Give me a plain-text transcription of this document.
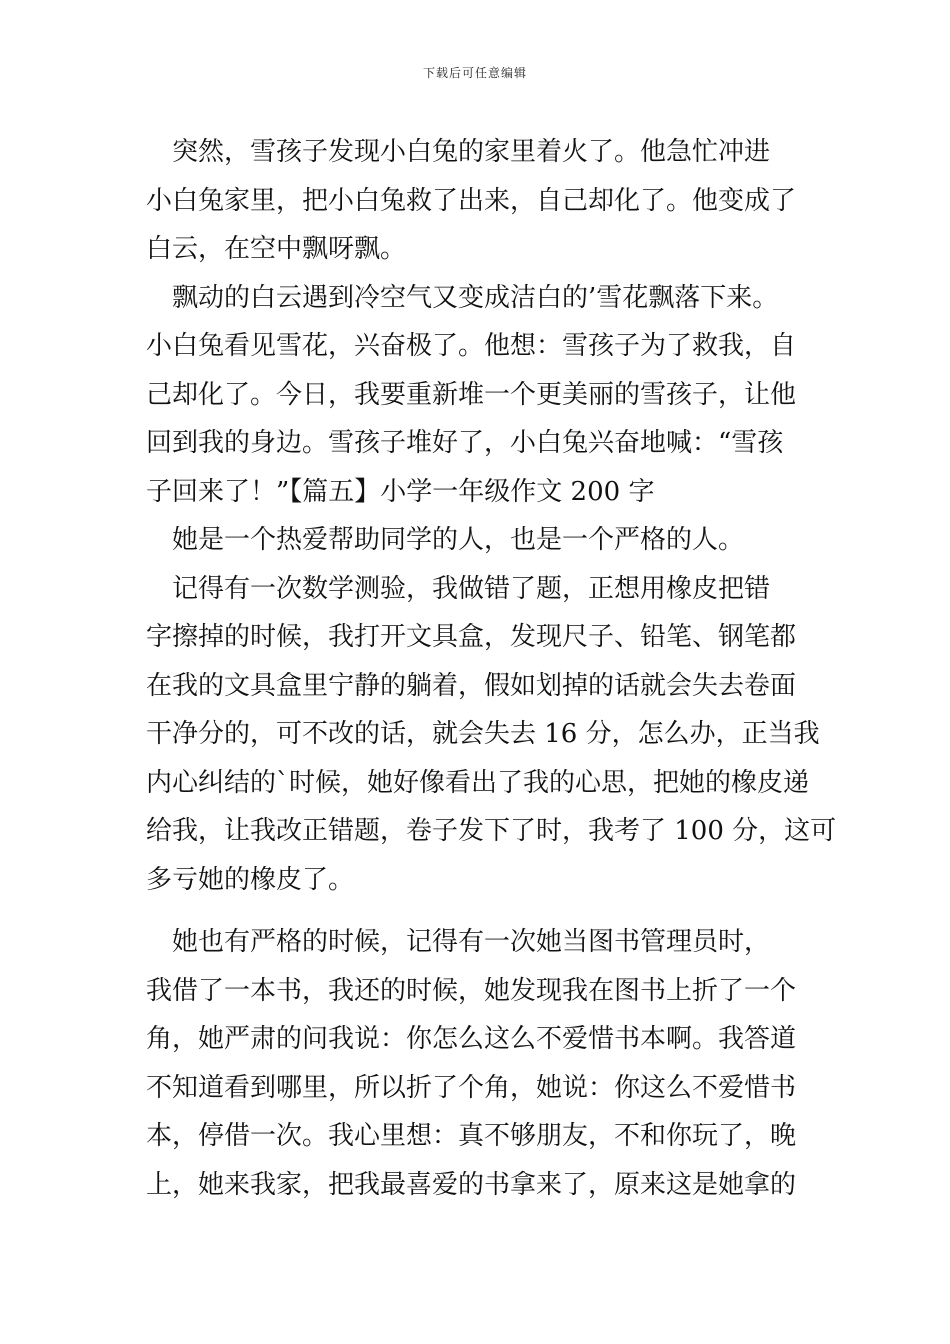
下载后可任意编辑
　突然，雪孩子发现小白兔的家里着火了。他急忙冲进
小白兔家里，把小白兔救了出来，自己却化了。他变成了
白云，在空中飘呀飘。
　飘动的白云遇到冷空气又变成洁白的’雪花飘落下来。
小白兔看见雪花，兴奋极了。他想：雪孩子为了救我，自
己却化了。今日，我要重新堆一个更美丽的雪孩子，让他
回到我的身边。雪孩子堆好了，小白兔兴奋地喊：“雪孩
子回来了！”【篇五】小学一年级作文 200 字
　她是一个热爱帮助同学的人，也是一个严格的人。
　记得有一次数学测验，我做错了题，正想用橡皮把错
字擦掉的时候，我打开文具盒，发现尺子、铅笔、钢笔都
在我的文具盒里宁静的躺着，假如划掉的话就会失去卷面
干净分的，可不改的话，就会失去 16 分，怎么办，正当我
内心纠结的`时候，她好像看出了我的心思，把她的橡皮递
给我，让我改正错题，卷子发下了时，我考了 100 分，这可
多亏她的橡皮了。
　她也有严格的时候，记得有一次她当图书管理员时，
我借了一本书，我还的时候，她发现我在图书上折了一个
角，她严肃的问我说：你怎么这么不爱惜书本啊。我答道
不知道看到哪里，所以折了个角，她说：你这么不爱惜书
本，停借一次。我心里想：真不够朋友，不和你玩了，晚
上，她来我家，把我最喜爱的书拿来了，原来这是她拿的
